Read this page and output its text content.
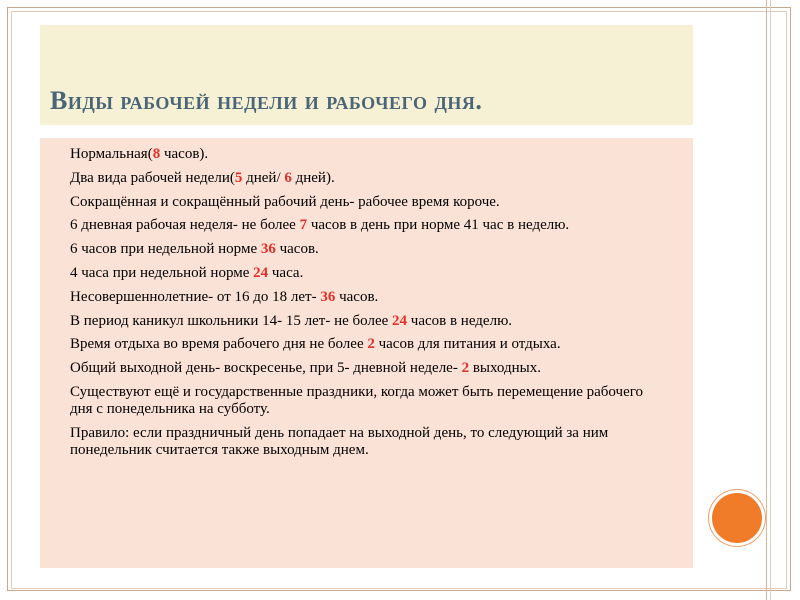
Виды рабочей недели и рабочего дня.
Нормальная(8 часов).
Два вида рабочей недели(5 дней/ 6 дней).
Сокращённая и сокращённый рабочий день- рабочее время короче.
6 дневная рабочая неделя- не более 7 часов в день при норме 41 час в неделю.
6 часов при недельной норме 36 часов.
4 часа при недельной норме 24 часа.
Несовершеннолетние- от 16 до 18 лет- 36 часов.
В период каникул школьники 14- 15 лет- не более 24 часов в неделю.
Время отдыха во время рабочего дня не более 2 часов для питания и отдыха.
Общий выходной день- воскресенье, при 5- дневной неделе- 2 выходных.
Существуют ещё и государственные праздники, когда может быть перемещение рабочего дня с понедельника на субботу.
Правило: если праздничный день попадает на выходной день, то следующий за ним понедельник считается также выходным днем.
